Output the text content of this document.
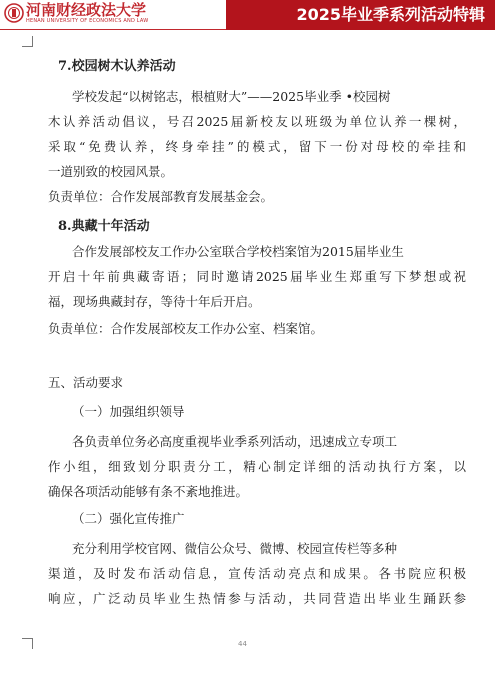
河南财经政法大学
HENAN UNIVERSITY OF ECONOMICS AND LAW	2025毕业季系列活动特辑
7.校园树木认养活动
学校发起“以树铭志，根植财大”——2025毕业季 •校园树
木认养活动倡议，号召2025届新校友以班级为单位认养一棵树，
采取“免费认养，终身牵挂”的模式，留下一份对母校的牵挂和
一道别致的校园风景。
负责单位：合作发展部教育发展基金会。
8.典藏十年活动
合作发展部校友工作办公室联合学校档案馆为2015届毕业生
开启十年前典藏寄语；同时邀请2025届毕业生郑重写下梦想或祝
福，现场典藏封存，等待十年后开启。
负责单位：合作发展部校友工作办公室、档案馆。
五、活动要求
（一）加强组织领导
各负责单位务必高度重视毕业季系列活动，迅速成立专项工
作小组，细致划分职责分工，精心制定详细的活动执行方案，以
确保各项活动能够有条不紊地推进。
（二）强化宣传推广
充分利用学校官网、微信公众号、微博、校园宣传栏等多种
渠道，及时发布活动信息，宣传活动亮点和成果。各书院应积极
响应，广泛动员毕业生热情参与活动，共同营造出毕业生踊跃参
44
